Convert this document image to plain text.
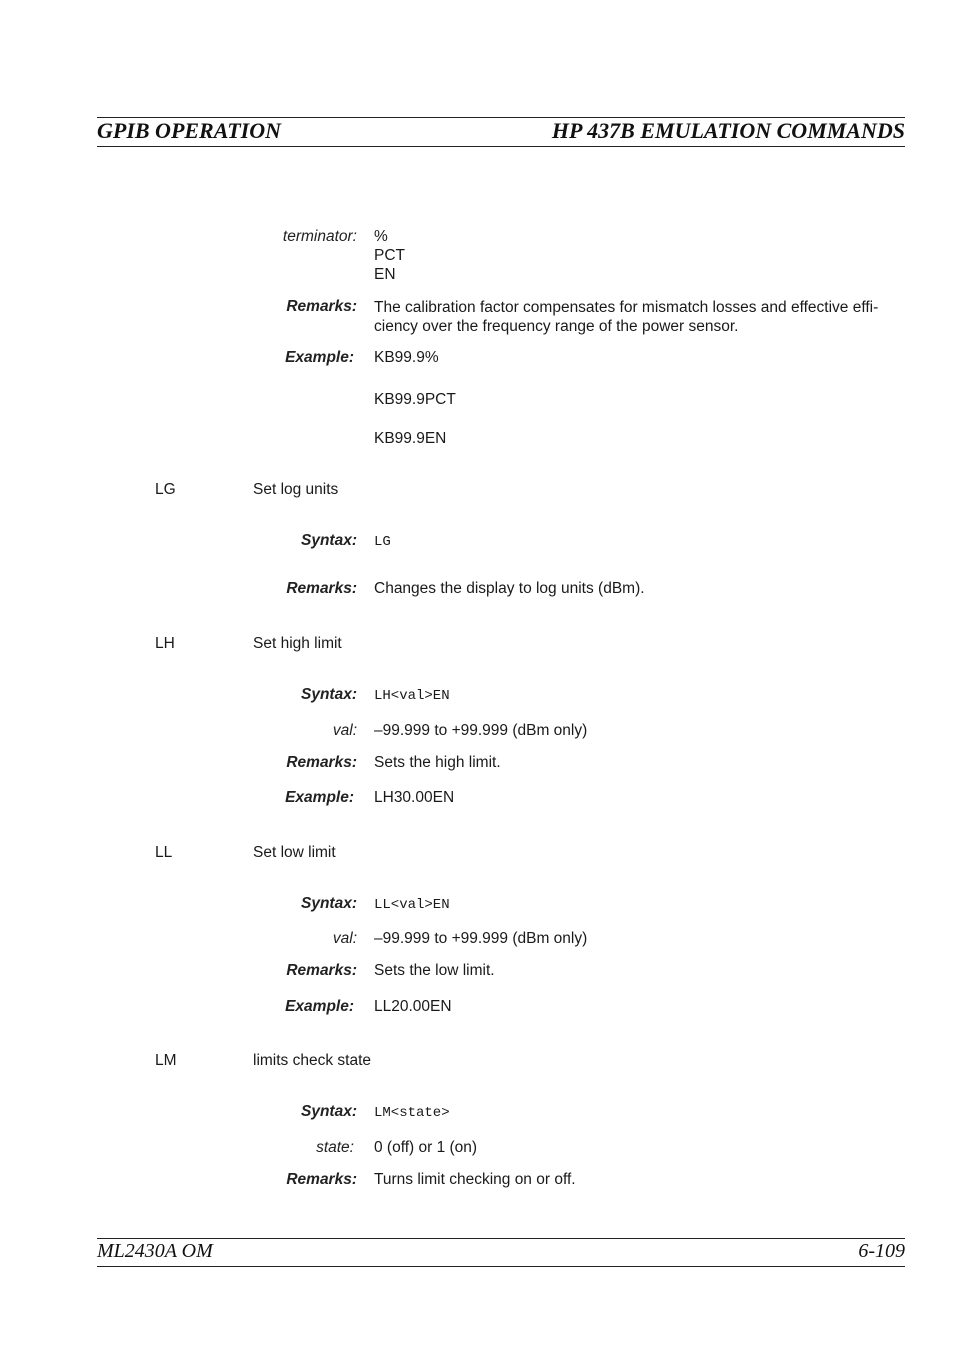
GPIB OPERATION	HP 437B EMULATION COMMANDS
terminator: %
PCT
EN
Remarks: The calibration factor compensates for mismatch losses and effective effi-ciency over the frequency range of the power sensor.
Example: KB99.9%
KB99.9PCT
KB99.9EN
LG	Set log units
Syntax: LG
Remarks: Changes the display to log units (dBm).
LH	Set high limit
Syntax: LH<val>EN
val: –99.999 to +99.999 (dBm only)
Remarks: Sets the high limit.
Example: LH30.00EN
LL	Set low limit
Syntax: LL<val>EN
val: –99.999 to +99.999 (dBm only)
Remarks: Sets the low limit.
Example: LL20.00EN
LM	limits check state
Syntax: LM<state>
state: 0 (off) or 1 (on)
Remarks: Turns limit checking on or off.
ML2430A OM	6-109
